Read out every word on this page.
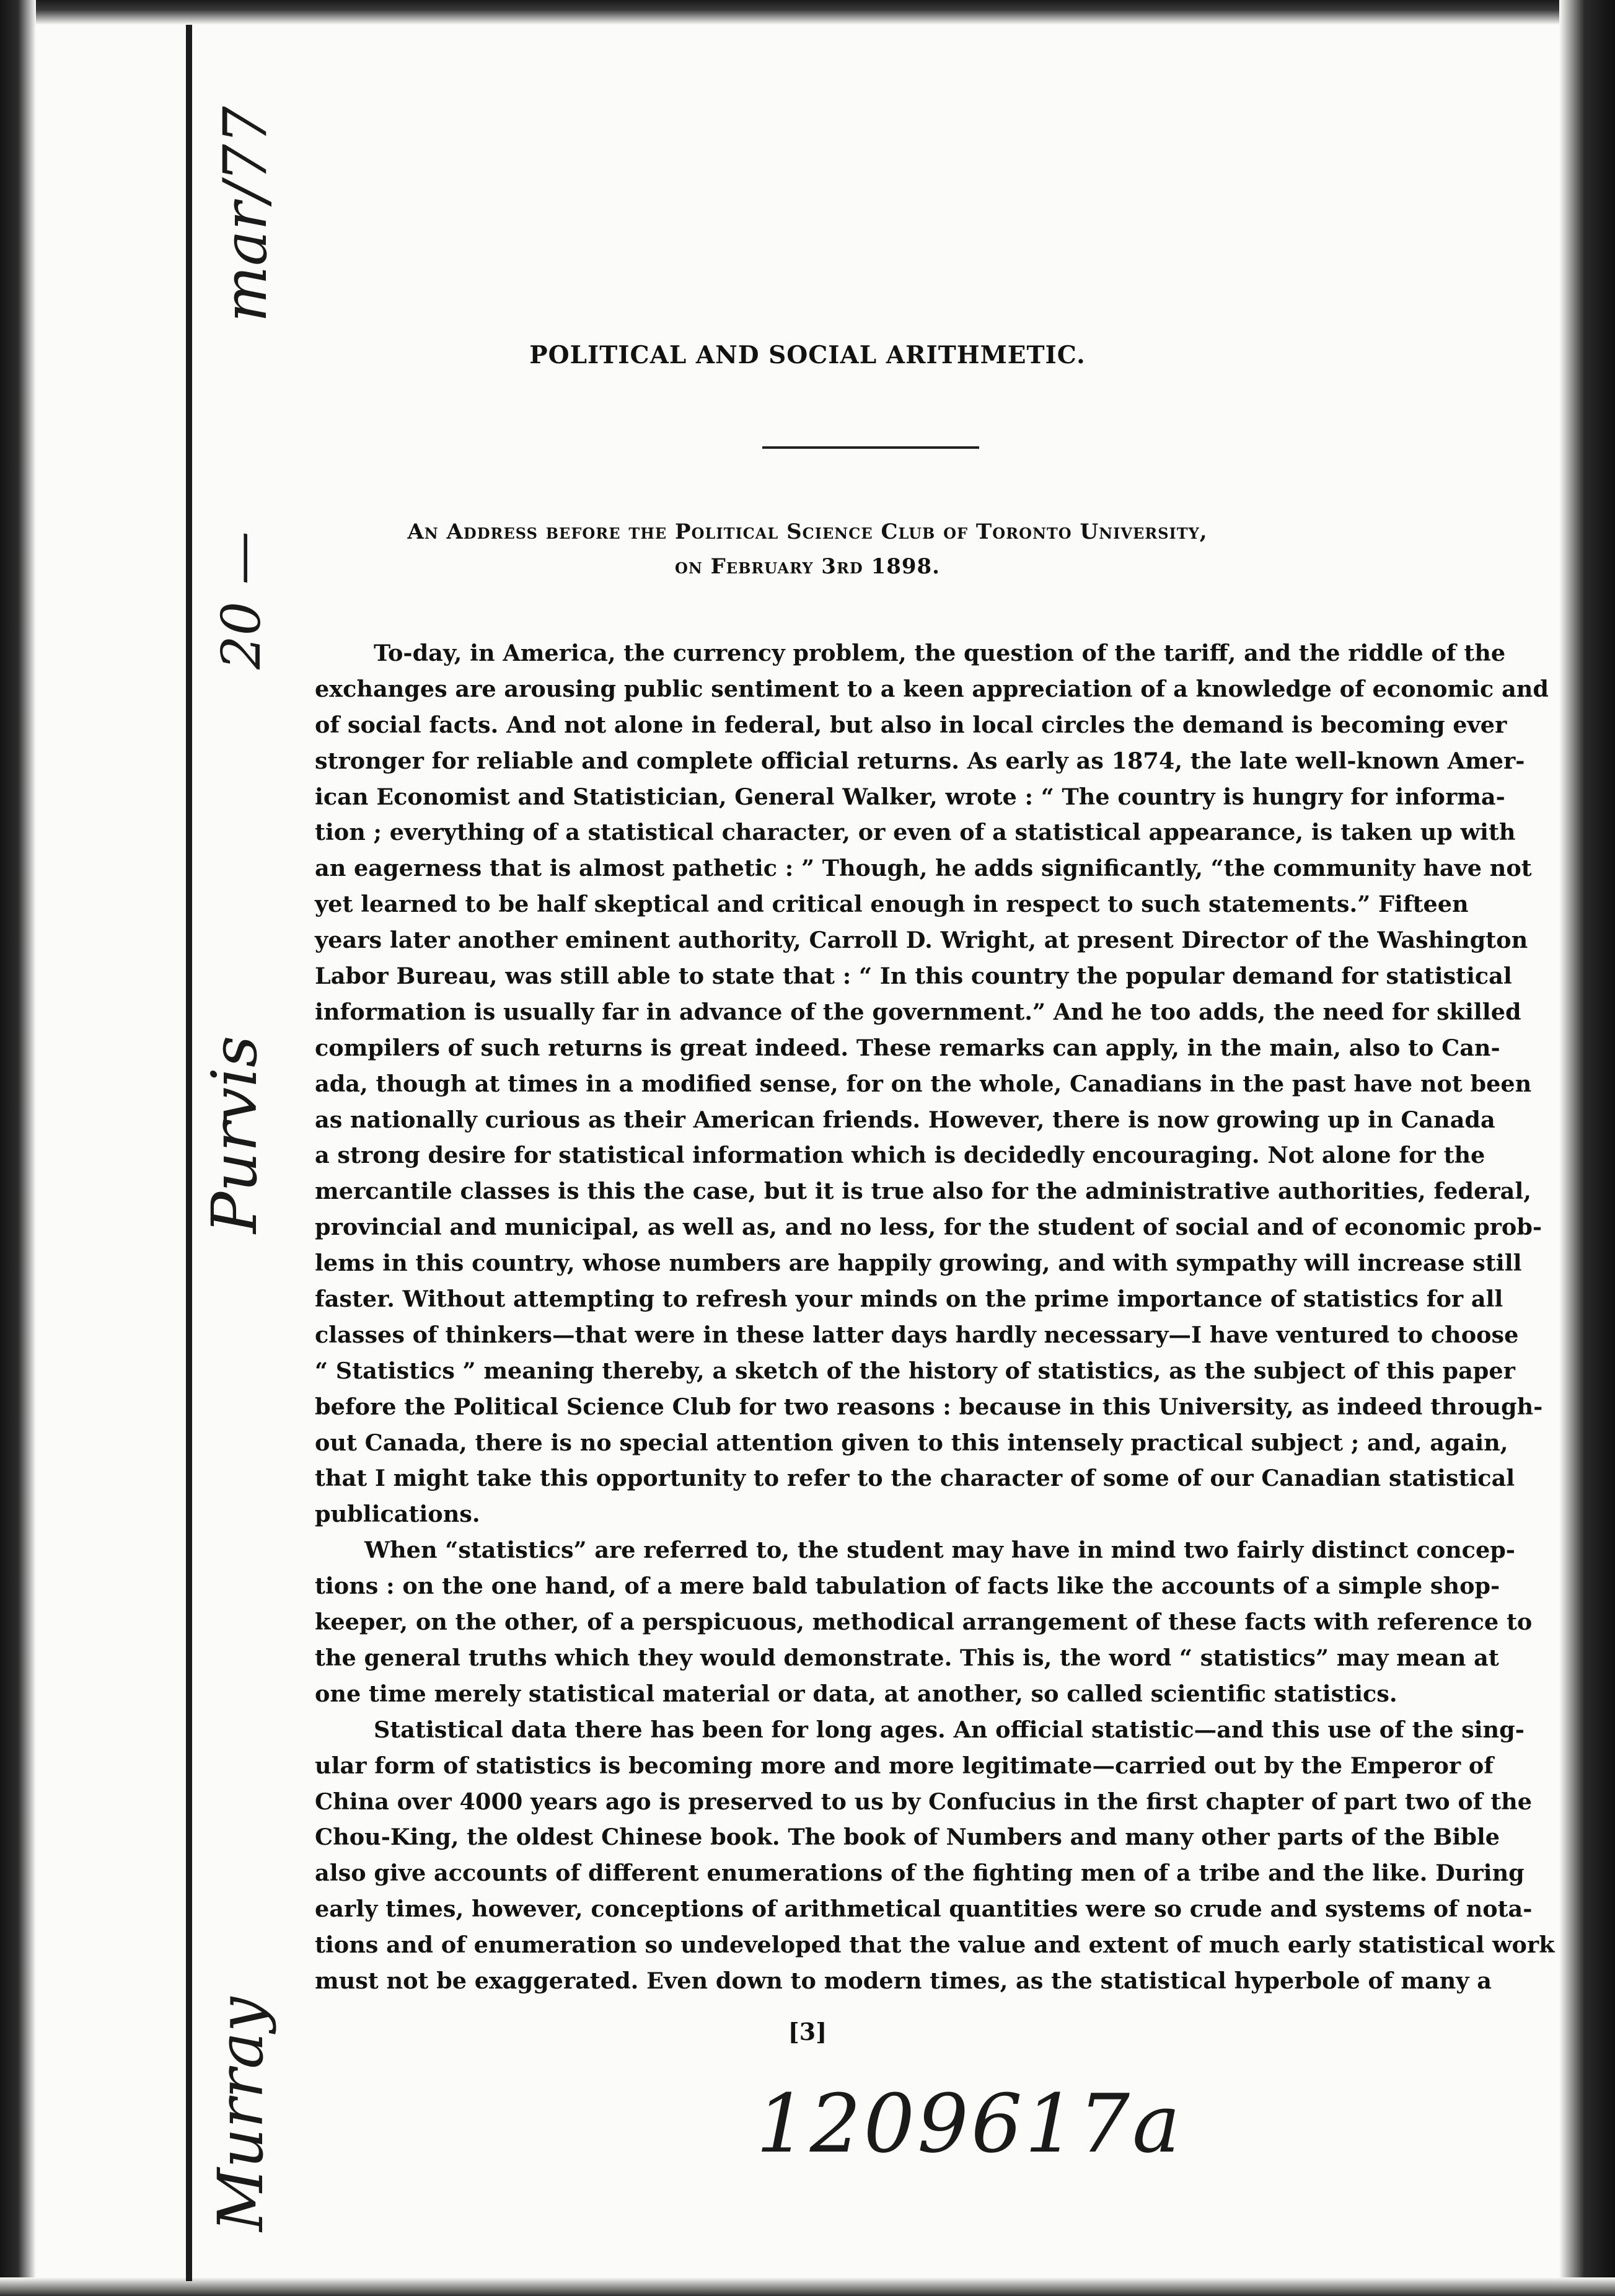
mar/77
20 —
Purvis
Murray
POLITICAL AND SOCIAL ARITHMETIC.
An Address before the Political Science Club of Toronto University,
on February 3rd 1898.
To-day, in America, the currency problem, the question of the tariff, and the riddle of the
exchanges are arousing public sentiment to a keen appreciation of a knowledge of economic and
of social facts. And not alone in federal, but also in local circles the demand is becoming ever
stronger for reliable and complete official returns. As early as 1874, the late well-known Amer-
ican Economist and Statistician, General Walker, wrote : “ The country is hungry for informa-
tion ; everything of a statistical character, or even of a statistical appearance, is taken up with
an eagerness that is almost pathetic : ” Though, he adds significantly, “the community have not
yet learned to be half skeptical and critical enough in respect to such statements.” Fifteen
years later another eminent authority, Carroll D. Wright, at present Director of the Washington
Labor Bureau, was still able to state that : “ In this country the popular demand for statistical
information is usually far in advance of the government.” And he too adds, the need for skilled
compilers of such returns is great indeed. These remarks can apply, in the main, also to Can-
ada, though at times in a modified sense, for on the whole, Canadians in the past have not been
as nationally curious as their American friends. However, there is now growing up in Canada
a strong desire for statistical information which is decidedly encouraging. Not alone for the
mercantile classes is this the case, but it is true also for the administrative authorities, federal,
provincial and municipal, as well as, and no less, for the student of social and of economic prob-
lems in this country, whose numbers are happily growing, and with sympathy will increase still
faster. Without attempting to refresh your minds on the prime importance of statistics for all
classes of thinkers—that were in these latter days hardly necessary—I have ventured to choose
“ Statistics ” meaning thereby, a sketch of the history of statistics, as the subject of this paper
before the Political Science Club for two reasons : because in this University, as indeed through-
out Canada, there is no special attention given to this intensely practical subject ; and, again,
that I might take this opportunity to refer to the character of some of our Canadian statistical
publications.
When “statistics” are referred to, the student may have in mind two fairly distinct concep-
tions : on the one hand, of a mere bald tabulation of facts like the accounts of a simple shop-
keeper, on the other, of a perspicuous, methodical arrangement of these facts with reference to
the general truths which they would demonstrate. This is, the word “ statistics” may mean at
one time merely statistical material or data, at another, so called scientific statistics.
Statistical data there has been for long ages. An official statistic—and this use of the sing-
ular form of statistics is becoming more and more legitimate—carried out by the Emperor of
China over 4000 years ago is preserved to us by Confucius in the first chapter of part two of the
Chou-King, the oldest Chinese book. The book of Numbers and many other parts of the Bible
also give accounts of different enumerations of the fighting men of a tribe and the like. During
early times, however, conceptions of arithmetical quantities were so crude and systems of nota-
tions and of enumeration so undeveloped that the value and extent of much early statistical work
must not be exaggerated. Even down to modern times, as the statistical hyperbole of many a
[3]
1209617a
